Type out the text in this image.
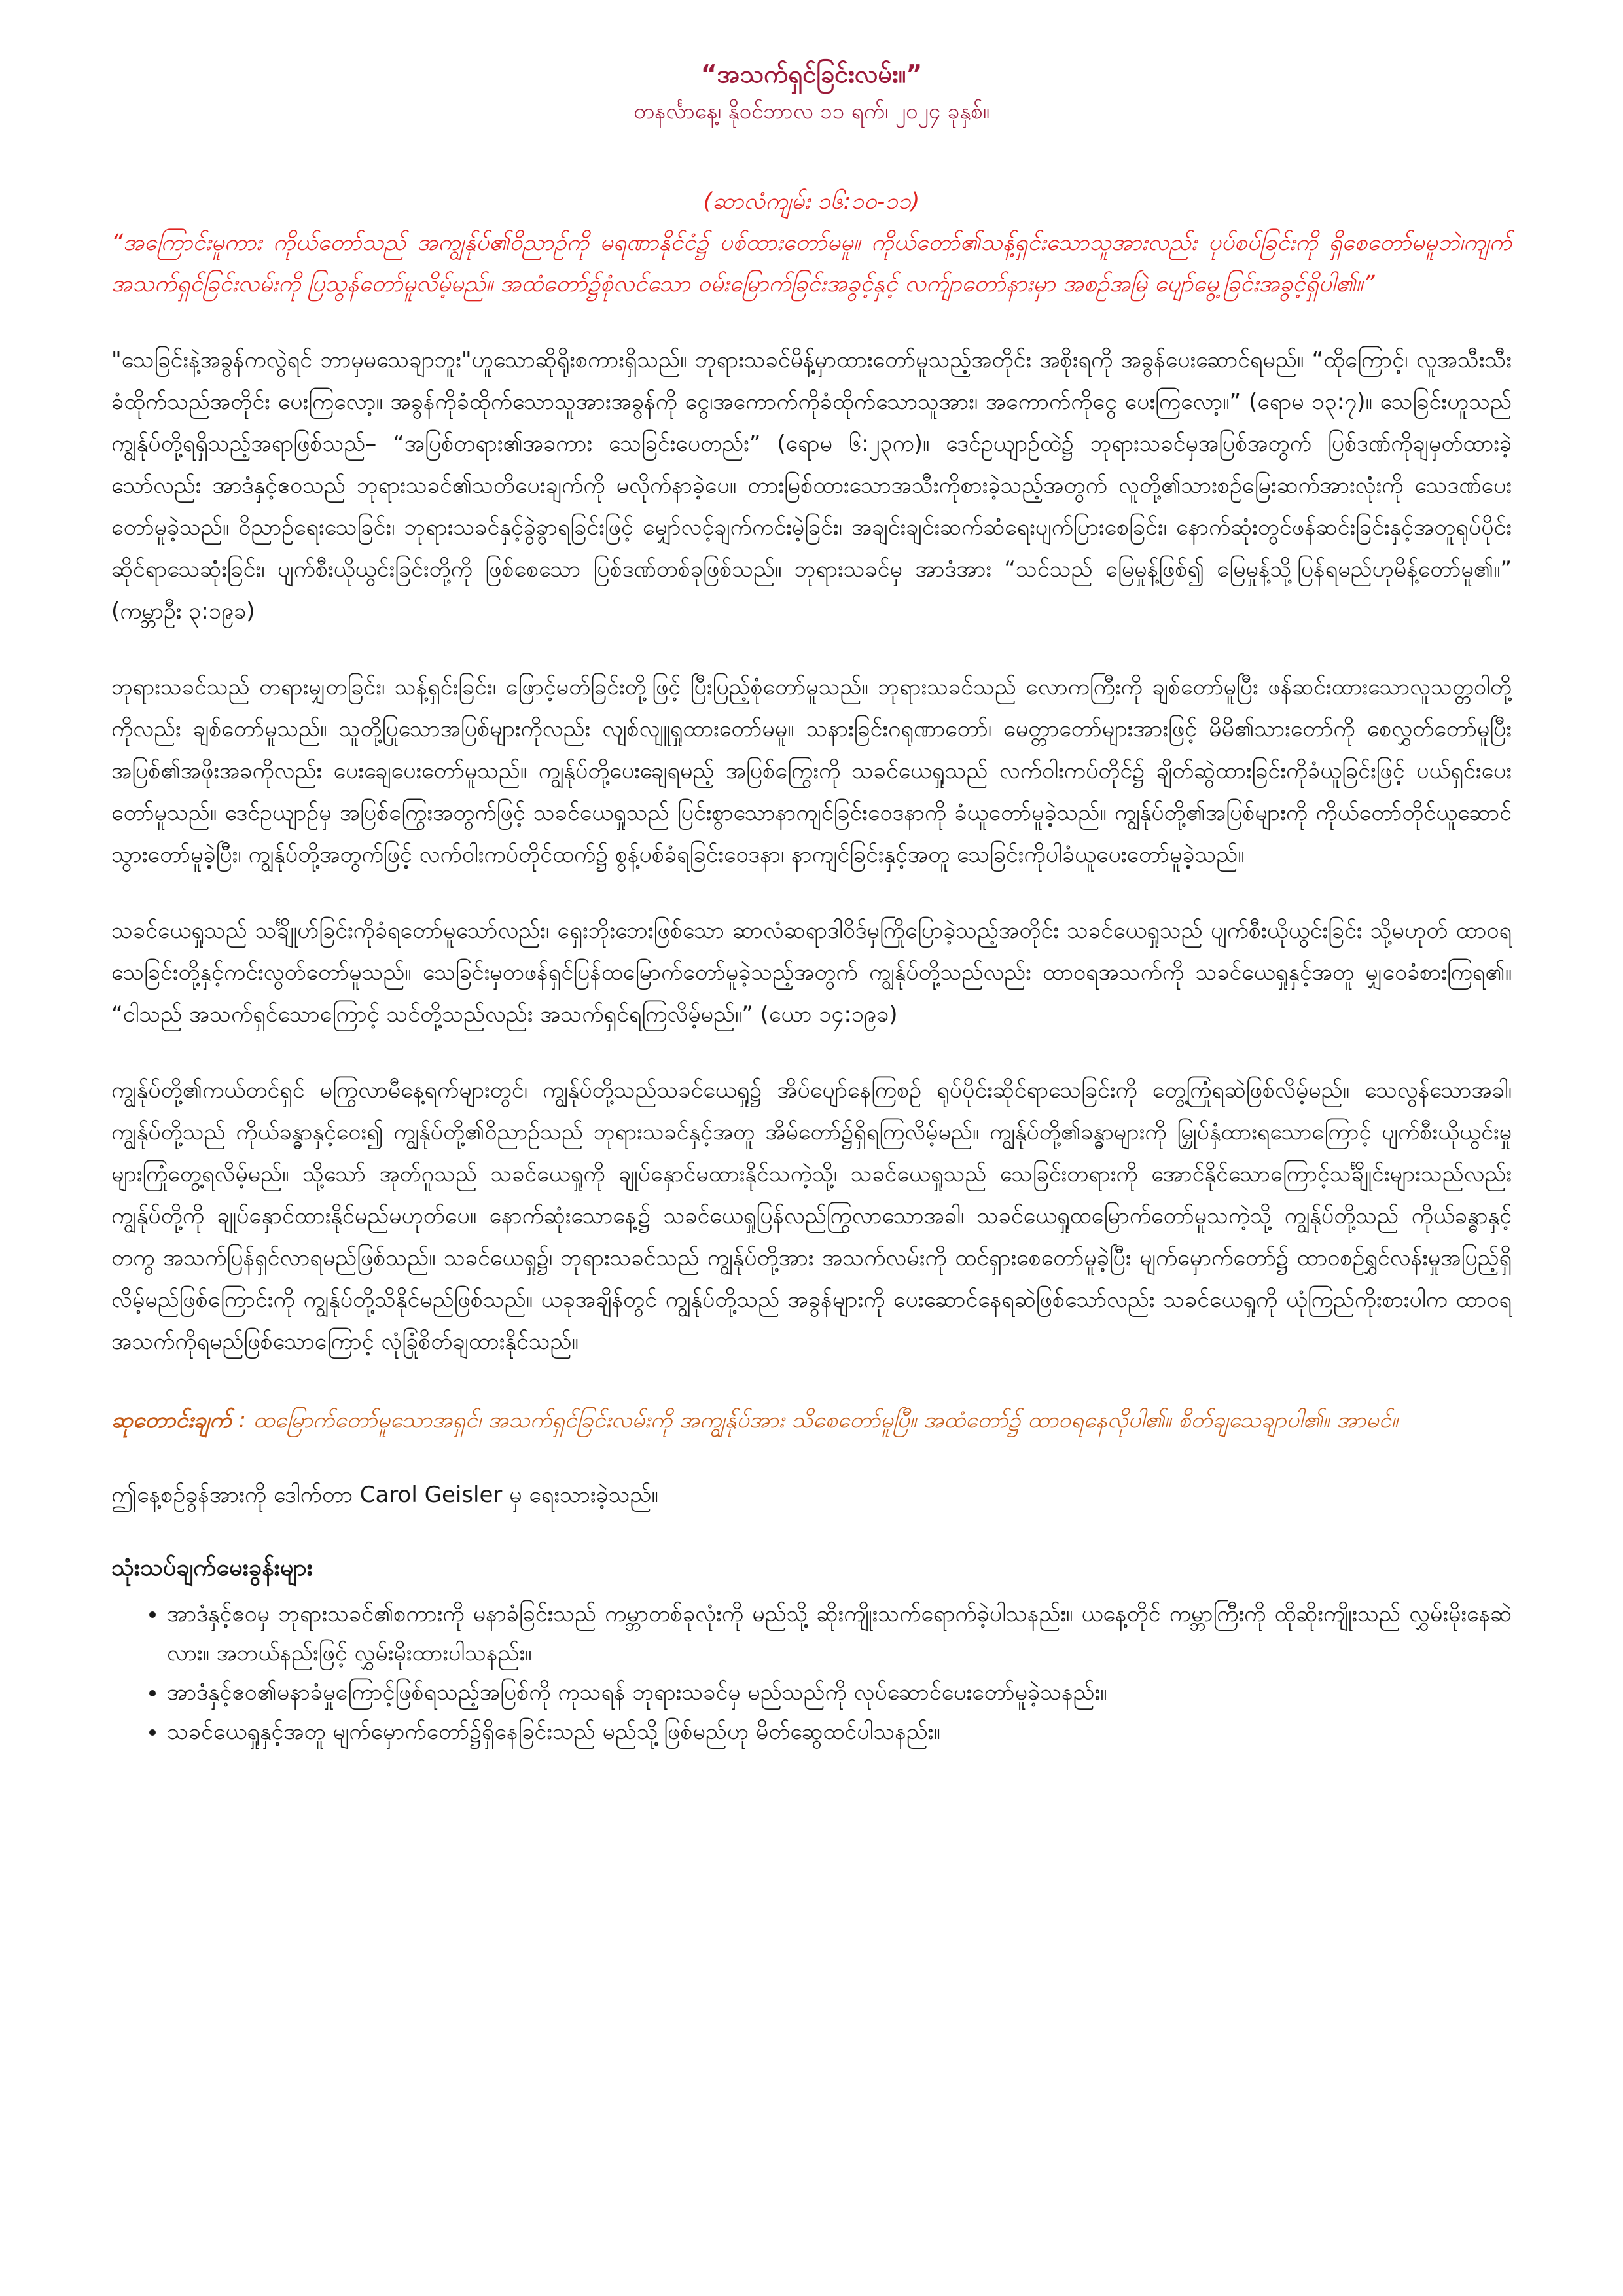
“အသက်ရှင်ခြင်းလမ်း။”
တနင်္လာနေ့၊ နိုဝင်ဘာလ ၁၁ ရက်၊ ၂၀၂၄ ခုနှစ်။
(ဆာလံကျမ်း ၁၆:၁၀-၁၁)
“အကြောင်းမူကား ကိုယ်တော်သည် အကျွန်ုပ်၏ဝိညာဉ်ကို မရဏာနိုင်ငံ၌ ပစ်ထားတော်မမူ။ ကိုယ်တော်၏သန့်ရှင်းသောသူအားလည်း ပုပ်စပ်ခြင်းကို ရှိစေတော်မမူဘဲ၊ကျက်အသက်ရှင်ခြင်းလမ်းကို ပြသွန်တော်မူလိမ့်မည်။ အထံတော်၌စုံလင်သော ဝမ်းမြောက်ခြင်းအခွင့်နှင့် လက်ျာတော်နားမှာ အစဉ်အမြဲ ပျော်မွေ့ခြင်းအခွင့်ရှိပါ၏။”
"သေခြင်းနဲ့အခွန်ကလွဲရင် ဘာမှမသေချာဘူး"ဟူသောဆိုရိုးစကားရှိသည်။ ဘုရားသခင်မိန့်မှာထားတော်မူသည့်အတိုင်း အစိုးရကို အခွန်ပေးဆောင်ရမည်။ “ထိုကြောင့်၊ လူအသီးသီးခံထိုက်သည်အတိုင်း ပေးကြလော့။ အခွန်ကိုခံထိုက်သောသူအားအခွန်ကို ငွေ၊အကောက်ကိုခံထိုက်သောသူအား၊ အကောက်ကိုငွေ ပေးကြလော့။” (ရောမ ၁၃:၇)။ သေခြင်းဟူသည် ကျွန်ုပ်တို့ရရှိသည့်အရာဖြစ်သည်– “အပြစ်တရား၏အခကား သေခြင်းပေတည်း” (ရောမ ၆:၂၃က)။ ဒေင်ဥယျာဉ်ထဲ၌ ဘုရားသခင်မှအပြစ်အတွက် ပြစ်ဒဏ်ကိုချမှတ်ထားခဲ့သော်လည်း အာဒံနှင့်ဧဝသည် ဘုရားသခင်၏သတိပေးချက်ကို မလိုက်နာခဲ့ပေ။ တားမြစ်ထားသောအသီးကိုစားခဲ့သည့်အတွက် လူတို့၏သားစဉ်မြေးဆက်အားလုံးကို သေဒဏ်ပေးတော်မူခဲ့သည်။ ဝိညာဉ်ရေးသေခြင်း၊ ဘုရားသခင်နှင့်ခွဲခွာရခြင်းဖြင့် မျှော်လင့်ချက်ကင်းမဲ့ခြင်း၊ အချင်းချင်းဆက်ဆံရေးပျက်ပြားစေခြင်း၊ နောက်ဆုံးတွင်ဖန်ဆင်းခြင်းနှင့်အတူရုပ်ပိုင်းဆိုင်ရာသေဆုံးခြင်း၊ ပျက်စီးယိုယွင်းခြင်းတို့ကို ဖြစ်စေသော ပြစ်ဒဏ်တစ်ခုဖြစ်သည်။ ဘုရားသခင်မှ အာဒံအား “သင်သည် မြေမှုန့်ဖြစ်၍ မြေမှုန့်သို့ပြန်ရမည်ဟုမိန့်တော်မူ၏။” (ကမ္ဘာဦး ၃:၁၉ခ)
ဘုရားသခင်သည် တရားမျှတခြင်း၊ သန့်ရှင်းခြင်း၊ ဖြောင့်မတ်ခြင်းတို့ဖြင့် ပြီးပြည့်စုံတော်မူသည်။ ဘုရားသခင်သည် လောကကြီးကို ချစ်တော်မူပြီး ဖန်ဆင်းထားသောလူသတ္တဝါတို့ကိုလည်း ချစ်တော်မူသည်။ သူတို့ပြုသောအပြစ်များကိုလည်း လျစ်လျူရှုထားတော်မမူ။ သနားခြင်းဂရုဏာတော်၊ မေတ္တာတော်များအားဖြင့် မိမိ၏သားတော်ကို စေလွှတ်တော်မူပြီးအပြစ်၏အဖိုးအခကိုလည်း ပေးချေပေးတော်မူသည်။ ကျွန်ုပ်တို့ပေးချေရမည့် အပြစ်ကြွေးကို သခင်ယေရှုသည် လက်ဝါးကပ်တိုင်၌ ချိတ်ဆွဲထားခြင်းကိုခံယူခြင်းဖြင့် ပယ်ရှင်းပေးတော်မူသည်။ ဒေင်ဥယျာဉ်မှ အပြစ်ကြွေးအတွက်ဖြင့် သခင်ယေရှုသည် ပြင်းစွာသောနာကျင်ခြင်းဝေဒနာကို ခံယူတော်မူခဲ့သည်။ ကျွန်ုပ်တို့၏အပြစ်များကို ကိုယ်တော်တိုင်ယူဆောင်သွားတော်မူခဲ့ပြီး၊ ကျွန်ုပ်တို့အတွက်ဖြင့် လက်ဝါးကပ်တိုင်ထက်၌ စွန့်ပစ်ခံရခြင်းဝေဒနာ၊ နာကျင်ခြင်းနှင့်အတူ သေခြင်းကိုပါခံယူပေးတော်မူခဲ့သည်။
သခင်ယေရှုသည် သင်္ချိုဟ်ခြင်းကိုခံရတော်မူသော်လည်း၊ ရှေးဘိုးဘေးဖြစ်သော ဆာလံဆရာဒါဝိဒ်မှကြိုပြောခဲ့သည့်အတိုင်း သခင်ယေရှုသည် ပျက်စီးယိုယွင်းခြင်း သို့မဟုတ် ထာဝရသေခြင်းတို့နှင့်ကင်းလွတ်တော်မူသည်။ သေခြင်းမှတဖန်ရှင်ပြန်ထမြောက်တော်မူခဲ့သည့်အတွက် ကျွန်ုပ်တို့သည်လည်း ထာဝရအသက်ကို သခင်ယေရှုနှင့်အတူ မျှဝေခံစားကြရ၏။ “ငါသည် အသက်ရှင်သောကြောင့် သင်တို့သည်လည်း အသက်ရှင်ရကြလိမ့်မည်။” (ယော ၁၄:၁၉ခ)
ကျွန်ုပ်တို့၏ကယ်တင်ရှင် မကြွလာမီနေ့ရက်များတွင်၊ ကျွန်ုပ်တို့သည်သခင်ယေရှု၌ အိပ်ပျော်နေကြစဉ် ရုပ်ပိုင်းဆိုင်ရာသေခြင်းကို တွေ့ကြုံရဆဲဖြစ်လိမ့်မည်။ သေလွန်သောအခါ၊ ကျွန်ုပ်တို့သည် ကိုယ်ခန္ဓာနှင့်ဝေး၍ ကျွန်ုပ်တို့၏ဝိညာဉ်သည် ဘုရားသခင်နှင့်အတူ အိမ်တော်၌ရှိရကြလိမ့်မည်။ ကျွန်ုပ်တို့၏ခန္ဓာများကို မြှုပ်နှံထားရသောကြောင့် ပျက်စီးယိုယွင်းမှုများကြုံတွေ့ရလိမ့်မည်။ သို့သော် အုတ်ဂူသည် သခင်ယေရှုကို ချုပ်နှောင်မထားနိုင်သကဲ့သို့၊ သခင်ယေရှုသည် သေခြင်းတရားကို အောင်နိုင်သောကြောင့်သင်္ချိုင်းများသည်လည်း ကျွန်ုပ်တို့ကို ချုပ်နှောင်ထားနိုင်မည်မဟုတ်ပေ။ နောက်ဆုံးသောနေ့၌ သခင်ယေရှုပြန်လည်ကြွလာသောအခါ၊ သခင်ယေရှုထမြောက်တော်မူသကဲ့သို့ ကျွန်ုပ်တို့သည် ကိုယ်ခန္ဓာနှင့်တကွ အသက်ပြန်ရှင်လာရမည်ဖြစ်သည်။ သခင်ယေရှု၌၊ ဘုရားသခင်သည် ကျွန်ုပ်တို့အား အသက်လမ်းကို ထင်ရှားစေတော်မူခဲ့ပြီး မျက်မှောက်တော်၌ ထာဝစဉ်ရွှင်လန်းမှုအပြည့်ရှိလိမ့်မည်ဖြစ်ကြောင်းကို ကျွန်ုပ်တို့သိနိုင်မည်ဖြစ်သည်။ ယခုအချိန်တွင် ကျွန်ုပ်တို့သည် အခွန်များကို ပေးဆောင်နေရဆဲဖြစ်သော်လည်း သခင်ယေရှုကို ယုံကြည်ကိုးစားပါက ထာဝရအသက်ကိုရမည်ဖြစ်သောကြောင့် လုံခြုံစိတ်ချထားနိုင်သည်။
ဆုတောင်းချက် : ထမြောက်တော်မူသောအရှင်၊ အသက်ရှင်ခြင်းလမ်းကို အကျွန်ုပ်အား သိစေတော်မူပြီ။ အထံတော်၌ ထာဝရနေလိုပါ၏။ စိတ်ချသေချာပါ၏။ အာမင်။
ဤနေ့စဉ်ခွန်အားကို ဒေါက်တာ Carol Geisler မှ ရေးသားခဲ့သည်။
သုံးသပ်ချက်မေးခွန်းများ
• အာဒံနှင့်ဧဝမှ ဘုရားသခင်၏စကားကို မနာခံခြင်းသည် ကမ္ဘာတစ်ခုလုံးကို မည်သို့ ဆိုးကျိုးသက်ရောက်ခဲ့ပါသနည်း။ ယနေ့တိုင် ကမ္ဘာကြီးကို ထိုဆိုးကျိုးသည် လွှမ်းမိုးနေဆဲလား။ အဘယ်နည်းဖြင့် လွှမ်းမိုးထားပါသနည်း။
• အာဒံနှင့်ဧဝ၏မနာခံမှုကြောင့်ဖြစ်ရသည့်အပြစ်ကို ကုသရန် ဘုရားသခင်မှ မည်သည်ကို လုပ်ဆောင်ပေးတော်မူခဲ့သနည်း။
• သခင်ယေရှုနှင့်အတူ မျက်မှောက်တော်၌ရှိနေခြင်းသည် မည်သို့ဖြစ်မည်ဟု မိတ်ဆွေထင်ပါသနည်း။
